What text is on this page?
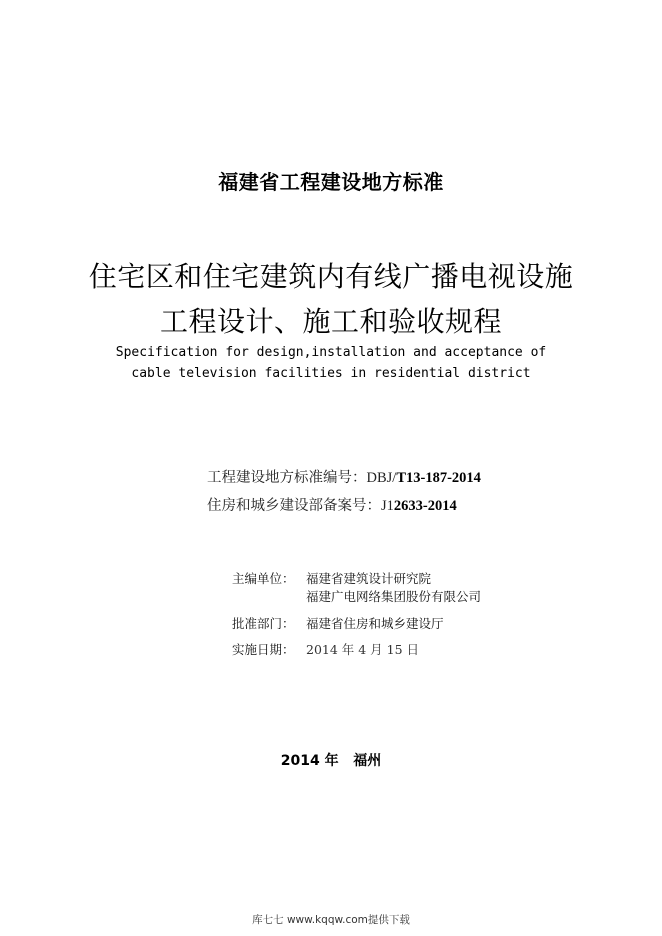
福建省工程建设地方标准
住宅区和住宅建筑内有线广播电视设施
工程设计、施工和验收规程
Specification for design,installation and acceptance of
cable television facilities in residential district
工程建设地方标准编号：DBJ/T13-187-2014
住房和城乡建设部备案号：J12633-2014
主编单位： 福建省建筑设计研究院
福建广电网络集团股份有限公司
批准部门： 福建省住房和城乡建设厅
实施日期： 2014 年 4 月 15 日
2014 年   福州
库七七 www.kqqw.com提供下载
